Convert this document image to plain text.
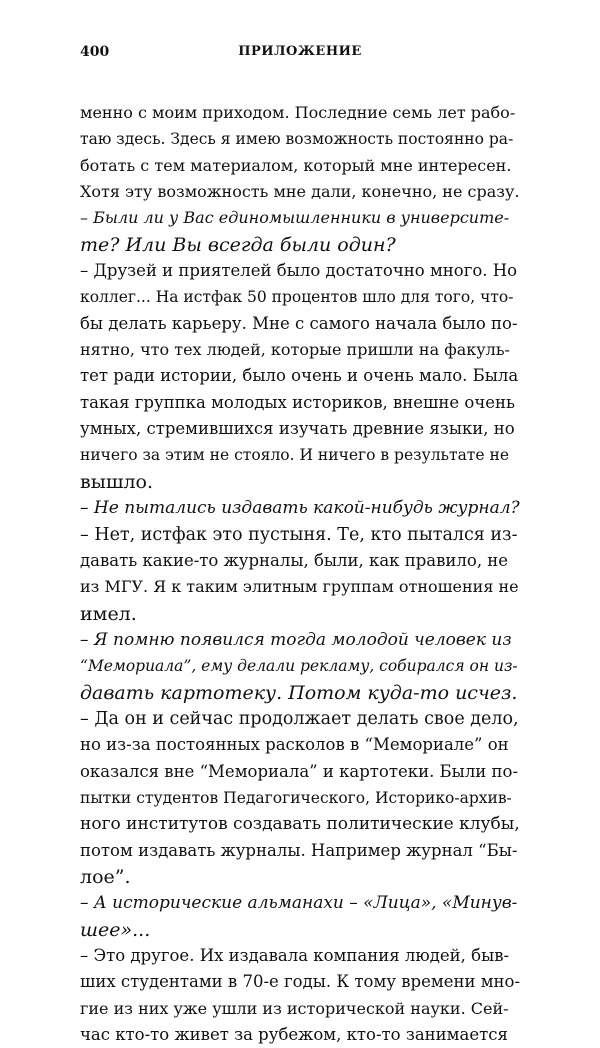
400	ПРИЛОЖЕНИЕ
менно с моим приходом. Последние семь лет рабо-
таю здесь. Здесь я имею возможность постоянно ра-
ботать с тем материалом, который мне интересен.
Хотя эту возможность мне дали, конечно, не сразу.
– Были ли у Вас единомышленники в университе-
те? Или Вы всегда были один?
– Друзей и приятелей было достаточно много. Но
коллег... На истфак 50 процентов шло для того, что-
бы делать карьеру. Мне с самого начала было по-
нятно, что тех людей, которые пришли на факуль-
тет ради истории, было очень и очень мало. Была
такая группка молодых историков, внешне очень
умных, стремившихся изучать древние языки, но
ничего за этим не стояло. И ничего в результате не
вышло.
– Не пытались издавать какой-нибудь журнал?
– Нет, истфак это пустыня. Те, кто пытался из-
давать какие-то журналы, были, как правило, не
из МГУ. Я к таким элитным группам отношения не
имел.
– Я помню появился тогда молодой человек из
“Мемориала”, ему делали рекламу, собирался он из-
давать картотеку. Потом куда-то исчез.
– Да он и сейчас продолжает делать свое дело,
но из-за постоянных расколов в “Мемориале” он
оказался вне “Мемориала” и картотеки. Были по-
пытки студентов Педагогического, Историко-архив-
ного институтов создавать политические клубы,
потом издавать журналы. Например журнал “Бы-
лое”.
– А исторические альманахи – «Лица», «Минув-
шее»...
– Это другое. Их издавала компания людей, быв-
ших студентами в 70-е годы. К тому времени мно-
гие из них уже ушли из исторической науки. Сей-
час кто-то живет за рубежом, кто-то занимается
